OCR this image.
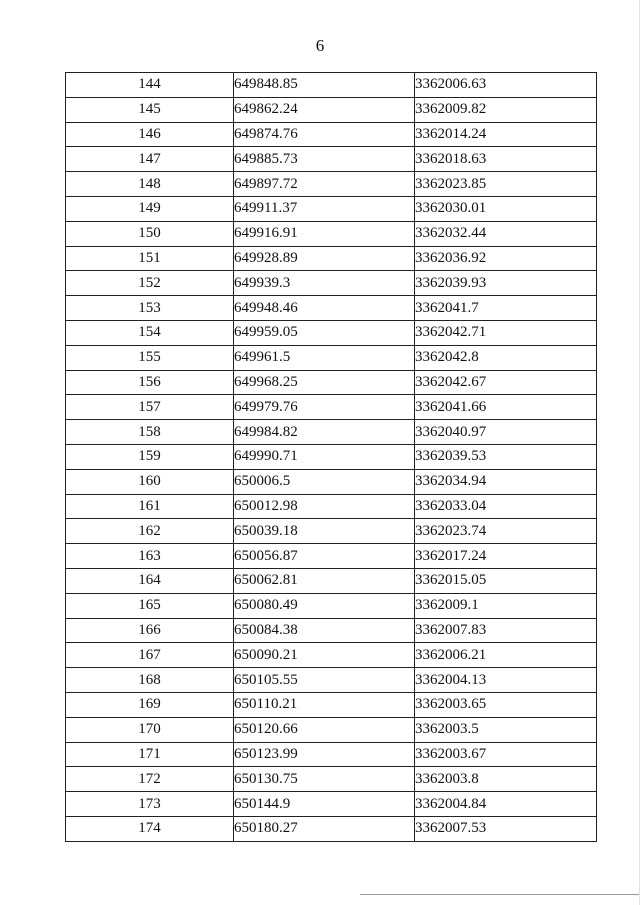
6
144	649848.85	3362006.63
145	649862.24	3362009.82
146	649874.76	3362014.24
147	649885.73	3362018.63
148	649897.72	3362023.85
149	649911.37	3362030.01
150	649916.91	3362032.44
151	649928.89	3362036.92
152	649939.3	3362039.93
153	649948.46	3362041.7
154	649959.05	3362042.71
155	649961.5	3362042.8
156	649968.25	3362042.67
157	649979.76	3362041.66
158	649984.82	3362040.97
159	649990.71	3362039.53
160	650006.5	3362034.94
161	650012.98	3362033.04
162	650039.18	3362023.74
163	650056.87	3362017.24
164	650062.81	3362015.05
165	650080.49	3362009.1
166	650084.38	3362007.83
167	650090.21	3362006.21
168	650105.55	3362004.13
169	650110.21	3362003.65
170	650120.66	3362003.5
171	650123.99	3362003.67
172	650130.75	3362003.8
173	650144.9	3362004.84
174	650180.27	3362007.53
